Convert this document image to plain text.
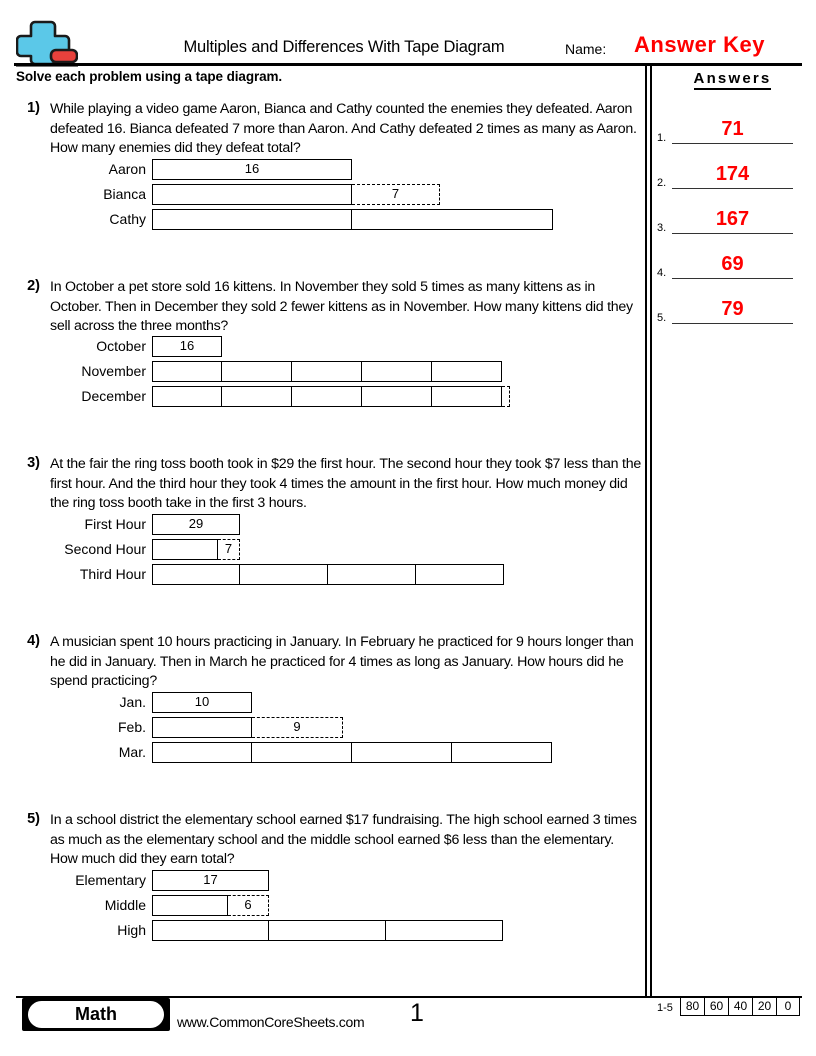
Multiples and Differences With Tape Diagram	Name: Answer Key
Solve each problem using a tape diagram.	Answers
1.	71
2.	174
3.	167
4.	69
5.	79
1) While playing a video game Aaron, Bianca and Cathy counted the enemies they defeated. Aaron defeated 16. Bianca defeated 7 more than Aaron. And Cathy defeated 2 times as many as Aaron. How many enemies did they defeat total?
Aaron	16
Bianca	7
Cathy
2) In October a pet store sold 16 kittens. In November they sold 5 times as many kittens as in October. Then in December they sold 2 fewer kittens as in November. How many kittens did they sell across the three months?
October	16
November
December
3) At the fair the ring toss booth took in $29 the first hour. The second hour they took $7 less than the first hour. And the third hour they took 4 times the amount in the first hour. How much money did the ring toss booth take in the first 3 hours.
First Hour	29
Second Hour	7
Third Hour
4) A musician spent 10 hours practicing in January. In February he practiced for 9 hours longer than he did in January. Then in March he practiced for 4 times as long as January. How hours did he spend practicing?
Jan.	10
Feb.	9
Mar.
5) In a school district the elementary school earned $17 fundraising. The high school earned 3 times as much as the elementary school and the middle school earned $6 less than the elementary. How much did they earn total?
Elementary	17
Middle	6
High
Math	www.CommonCoreSheets.com 1	1-5	80 60 40 20	0
